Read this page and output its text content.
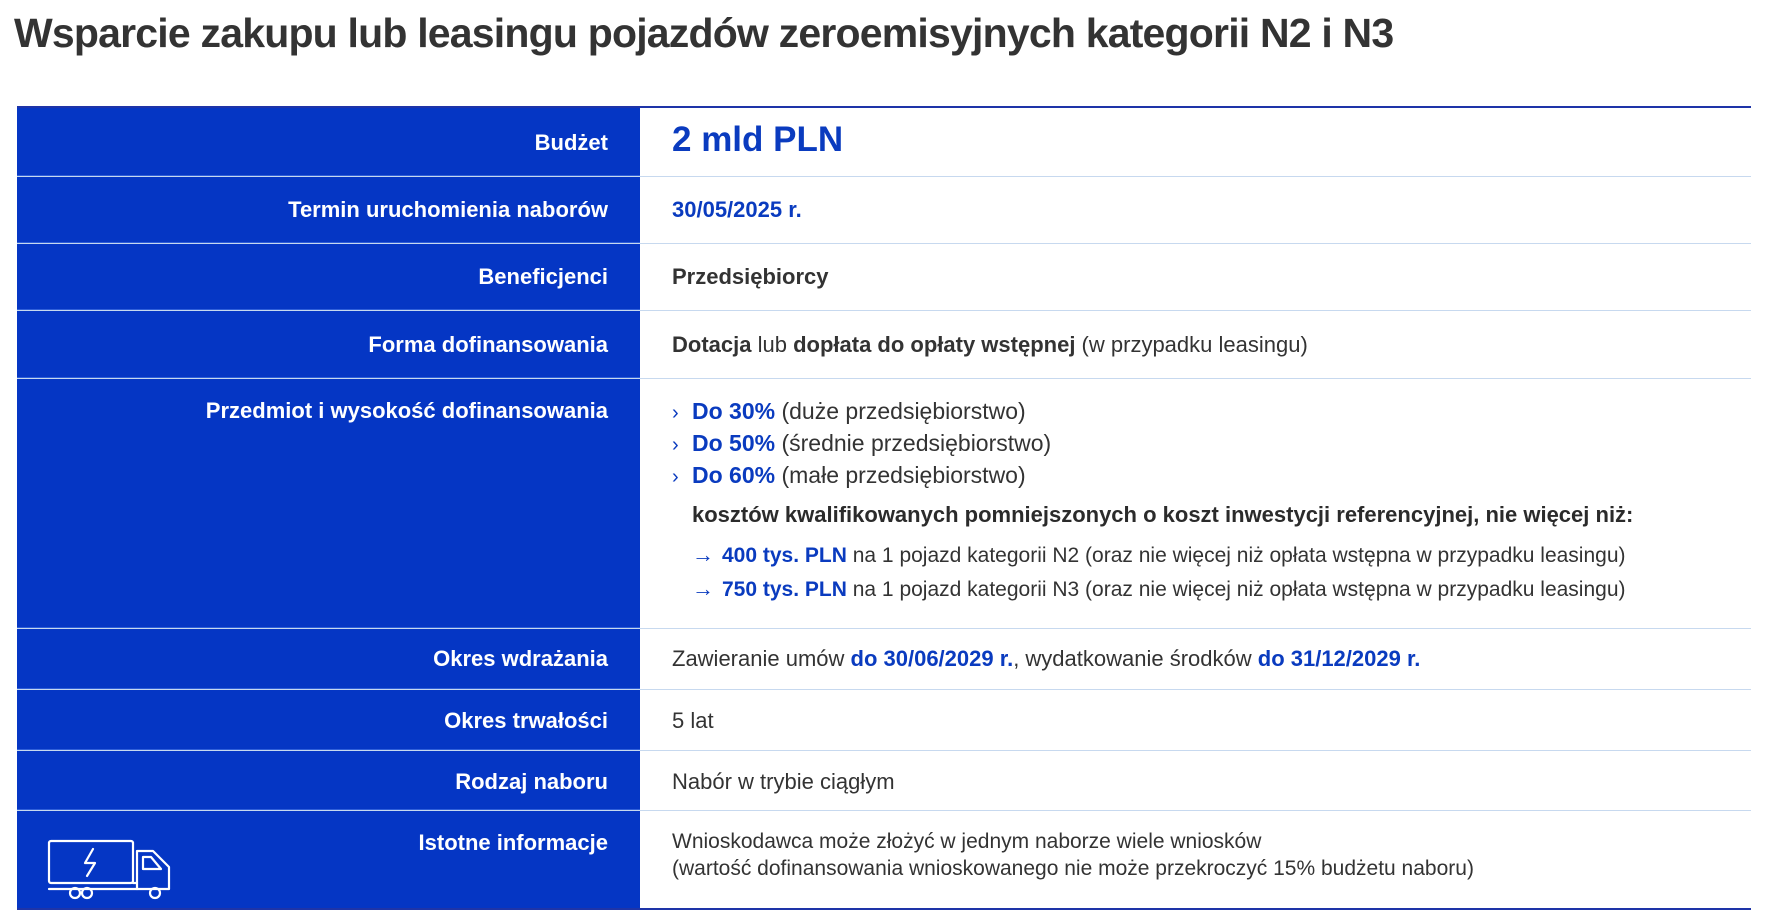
Wsparcie zakupu lub leasingu pojazdów zeroemisyjnych kategorii N2 i N3
Budżet 2 mld PLN
Termin uruchomienia naborów	30/05/2025 r.
Beneficjenci	Przedsiębiorcy
Forma dofinansowania	Dotacja lub dopłata do opłaty wstępnej (w przypadku leasingu)
Przedmiot i wysokość dofinansowania	› Do 30% (duże przedsiębiorstwo)
› Do 50% (średnie przedsiębiorstwo)
› Do 60% (małe przedsiębiorstwo)
kosztów kwalifikowanych pomniejszonych o koszt inwestycji referencyjnej, nie więcej niż:
→ 400 tys. PLN na 1 pojazd kategorii N2 (oraz nie więcej niż opłata wstępna w przypadku leasingu)
→ 750 tys. PLN na 1 pojazd kategorii N3 (oraz nie więcej niż opłata wstępna w przypadku leasingu)
Okres wdrażania	Zawieranie umów do 30/06/2029 r., wydatkowanie środków do 31/12/2029 r.
Okres trwałości	5 lat
Rodzaj naboru	Nabór w trybie ciągłym
Istotne informacje	Wnioskodawca może złożyć w jednym naborze wiele wniosków
(wartość dofinansowania wnioskowanego nie może przekroczyć 15% budżetu naboru)
